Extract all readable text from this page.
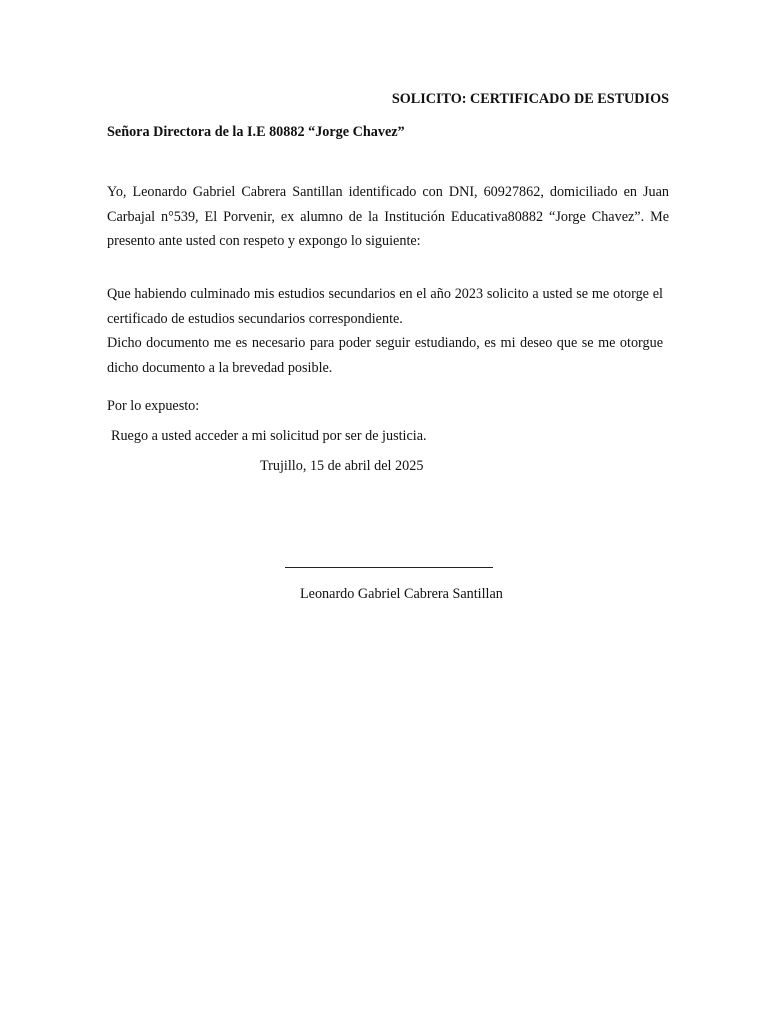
SOLICITO: CERTIFICADO DE ESTUDIOS
Señora Directora de la I.E 80882 “Jorge Chavez”

Yo, Leonardo Gabriel Cabrera Santillan identificado con DNI, 60927862, domiciliado en Juan Carbajal n°539, El Porvenir, ex alumno de la Institución Educativa80882 “Jorge Chavez”. Me presento ante usted con respeto y expongo lo siguiente:

Que habiendo culminado mis estudios secundarios en el año 2023 solicito a usted se me otorge el certificado de estudios secundarios correspondiente.

Dicho documento me es necesario para poder seguir estudiando, es mi deseo que se me otorgue dicho documento a la brevedad posible.

Por lo expuesto:

Ruego a usted acceder a mi solicitud por ser de justicia.

Trujillo, 15 de abril del 2025

Leonardo Gabriel Cabrera Santillan
